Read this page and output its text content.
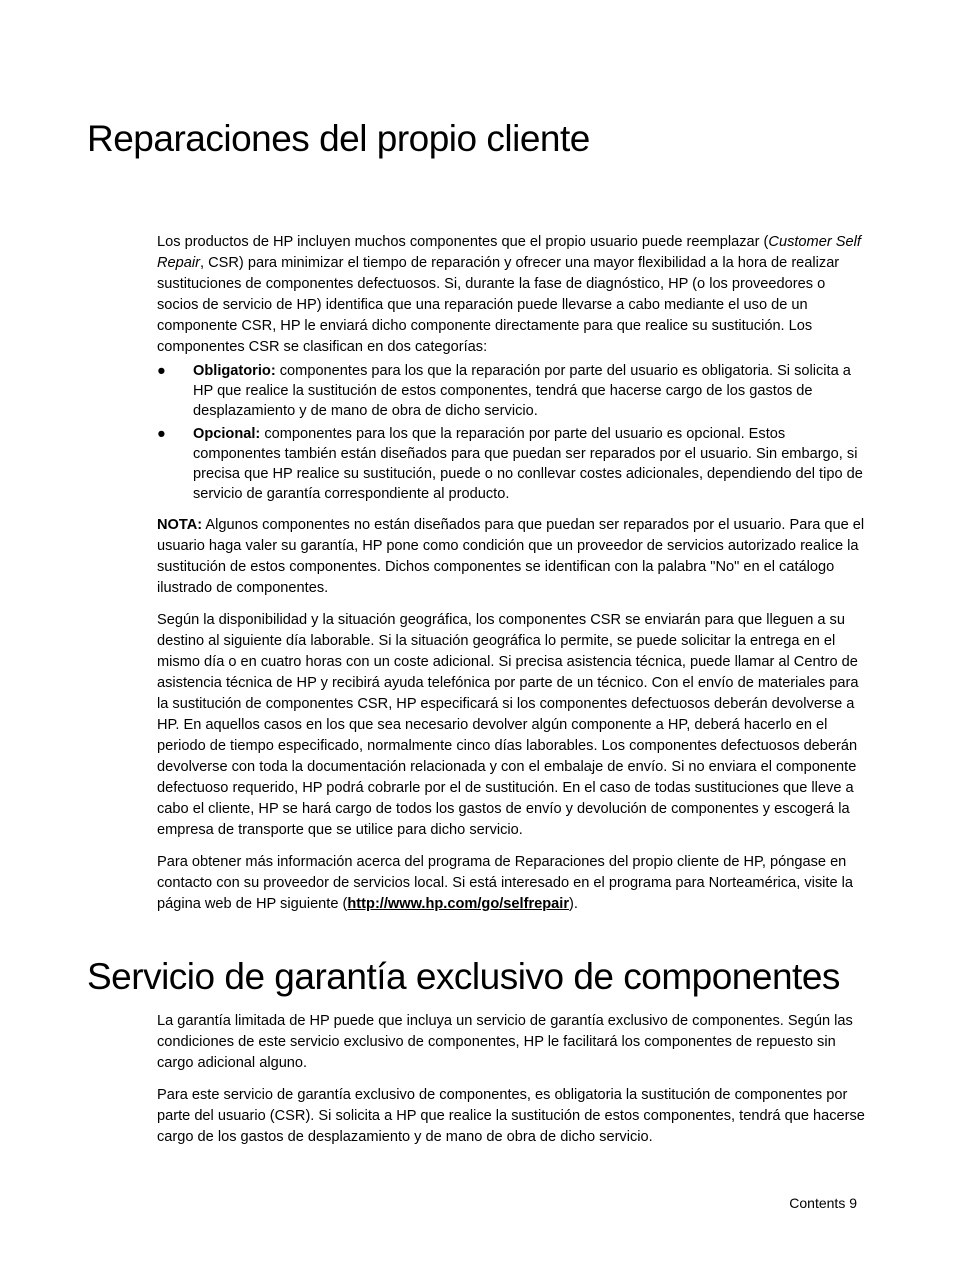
Reparaciones del propio cliente

Los productos de HP incluyen muchos componentes que el propio usuario puede reemplazar (Customer Self Repair, CSR) para minimizar el tiempo de reparación y ofrecer una mayor flexibilidad a la hora de realizar sustituciones de componentes defectuosos. Si, durante la fase de diagnóstico, HP (o los proveedores o socios de servicio de HP) identifica que una reparación puede llevarse a cabo mediante el uso de un componente CSR, HP le enviará dicho componente directamente para que realice su sustitución. Los componentes CSR se clasifican en dos categorías:

● Obligatorio: componentes para los que la reparación por parte del usuario es obligatoria. Si solicita a HP que realice la sustitución de estos componentes, tendrá que hacerse cargo de los gastos de desplazamiento y de mano de obra de dicho servicio.
● Opcional: componentes para los que la reparación por parte del usuario es opcional. Estos componentes también están diseñados para que puedan ser reparados por el usuario. Sin embargo, si precisa que HP realice su sustitución, puede o no conllevar costes adicionales, dependiendo del tipo de servicio de garantía correspondiente al producto.

NOTA: Algunos componentes no están diseñados para que puedan ser reparados por el usuario. Para que el usuario haga valer su garantía, HP pone como condición que un proveedor de servicios autorizado realice la sustitución de estos componentes. Dichos componentes se identifican con la palabra "No" en el catálogo ilustrado de componentes.

Según la disponibilidad y la situación geográfica, los componentes CSR se enviarán para que lleguen a su destino al siguiente día laborable. Si la situación geográfica lo permite, se puede solicitar la entrega en el mismo día o en cuatro horas con un coste adicional. Si precisa asistencia técnica, puede llamar al Centro de asistencia técnica de HP y recibirá ayuda telefónica por parte de un técnico. Con el envío de materiales para la sustitución de componentes CSR, HP especificará si los componentes defectuosos deberán devolverse a HP. En aquellos casos en los que sea necesario devolver algún componente a HP, deberá hacerlo en el periodo de tiempo especificado, normalmente cinco días laborables. Los componentes defectuosos deberán devolverse con toda la documentación relacionada y con el embalaje de envío. Si no enviara el componente defectuoso requerido, HP podrá cobrarle por el de sustitución. En el caso de todas sustituciones que lleve a cabo el cliente, HP se hará cargo de todos los gastos de envío y devolución de componentes y escogerá la empresa de transporte que se utilice para dicho servicio.

Para obtener más información acerca del programa de Reparaciones del propio cliente de HP, póngase en contacto con su proveedor de servicios local. Si está interesado en el programa para Norteamérica, visite la página web de HP siguiente (http://www.hp.com/go/selfrepair).

Servicio de garantía exclusivo de componentes

La garantía limitada de HP puede que incluya un servicio de garantía exclusivo de componentes. Según las condiciones de este servicio exclusivo de componentes, HP le facilitará los componentes de repuesto sin cargo adicional alguno.

Para este servicio de garantía exclusivo de componentes, es obligatoria la sustitución de componentes por parte del usuario (CSR). Si solicita a HP que realice la sustitución de estos componentes, tendrá que hacerse cargo de los gastos de desplazamiento y de mano de obra de dicho servicio.

Contents 9
